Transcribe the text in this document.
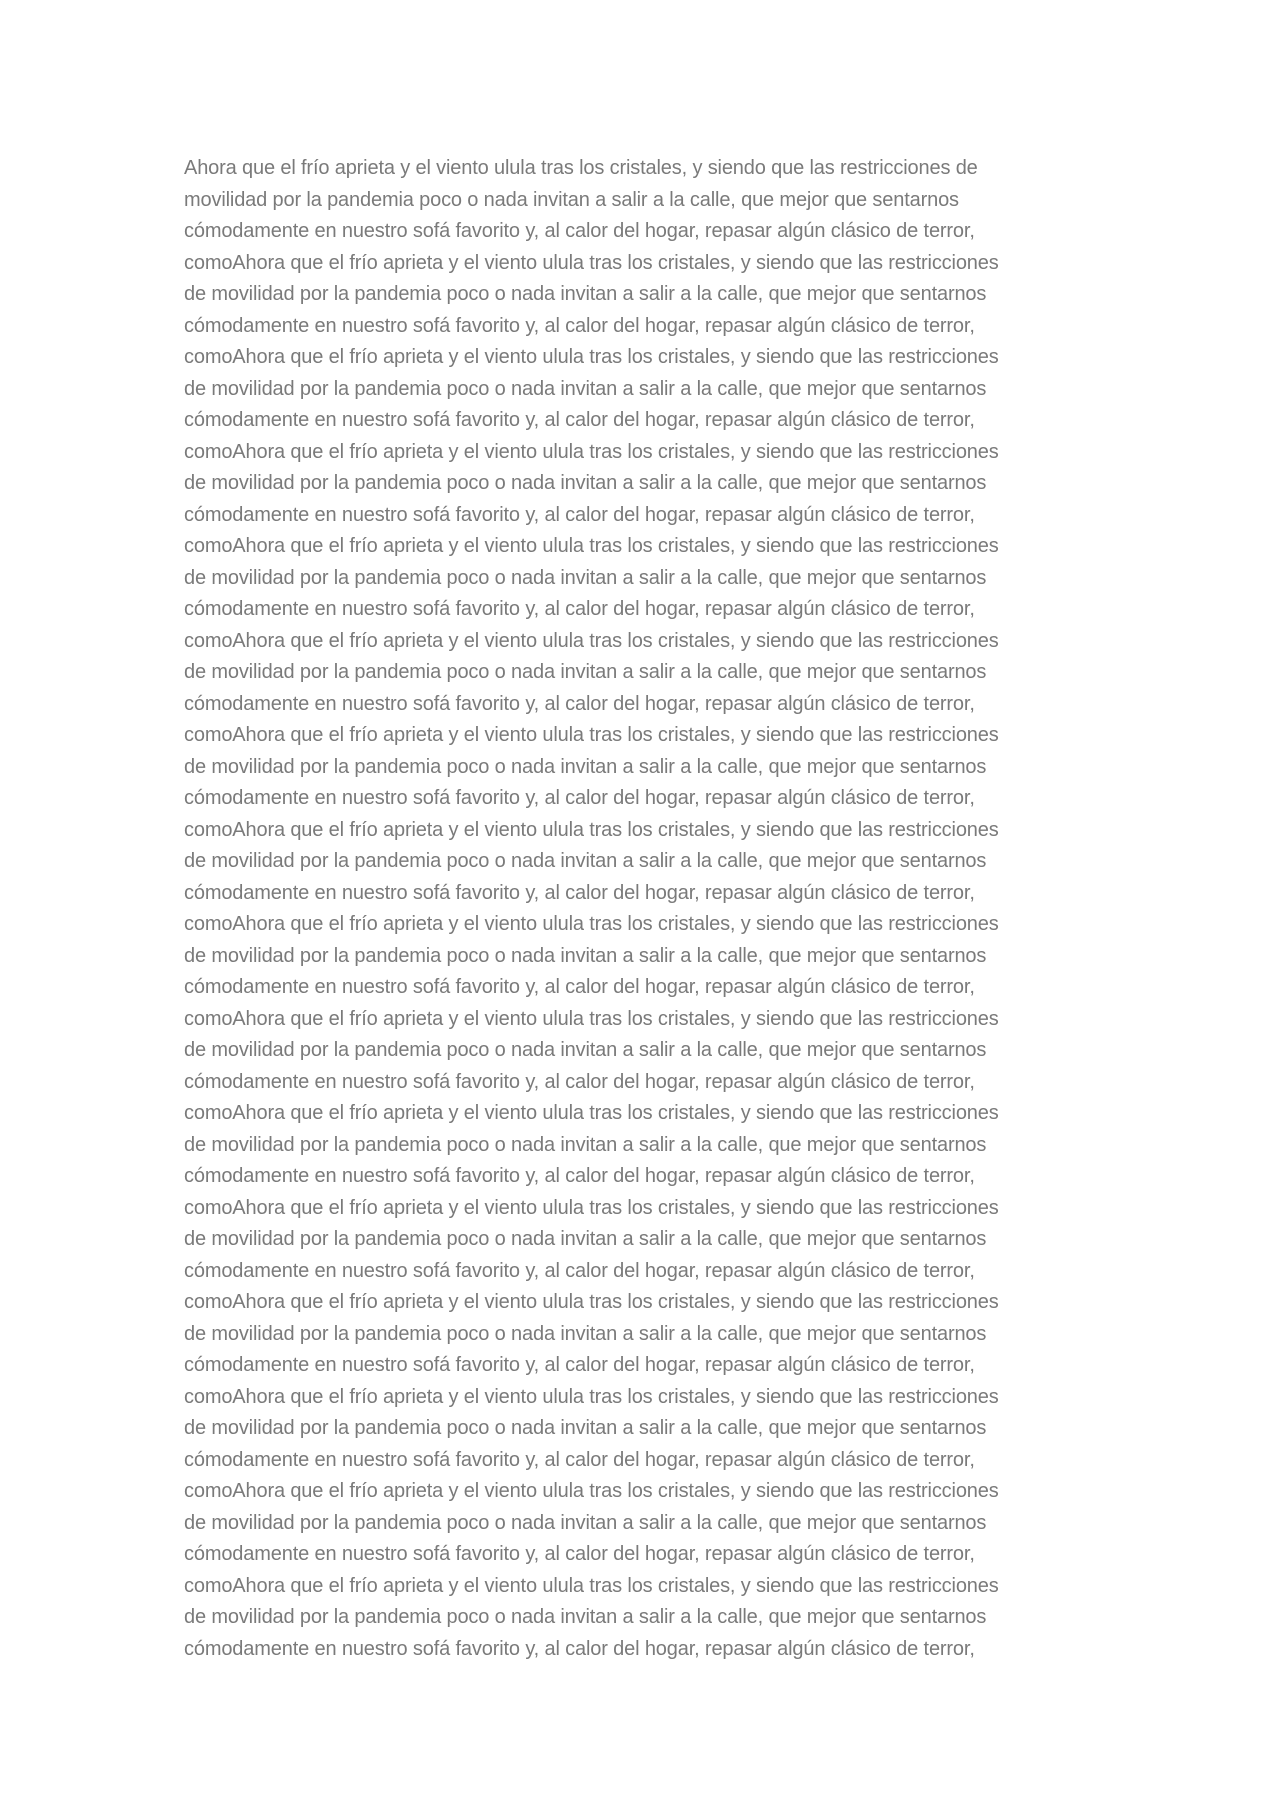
Ahora que el frío aprieta y el viento ulula tras los cristales, y siendo que las restricciones de
movilidad por la pandemia poco o nada invitan a salir a la calle, que mejor que sentarnos
cómodamente en nuestro sofá favorito y, al calor del hogar, repasar algún clásico de terror,
comoAhora que el frío aprieta y el viento ulula tras los cristales, y siendo que las restricciones
de movilidad por la pandemia poco o nada invitan a salir a la calle, que mejor que sentarnos
cómodamente en nuestro sofá favorito y, al calor del hogar, repasar algún clásico de terror,
comoAhora que el frío aprieta y el viento ulula tras los cristales, y siendo que las restricciones
de movilidad por la pandemia poco o nada invitan a salir a la calle, que mejor que sentarnos
cómodamente en nuestro sofá favorito y, al calor del hogar, repasar algún clásico de terror,
comoAhora que el frío aprieta y el viento ulula tras los cristales, y siendo que las restricciones
de movilidad por la pandemia poco o nada invitan a salir a la calle, que mejor que sentarnos
cómodamente en nuestro sofá favorito y, al calor del hogar, repasar algún clásico de terror,
comoAhora que el frío aprieta y el viento ulula tras los cristales, y siendo que las restricciones
de movilidad por la pandemia poco o nada invitan a salir a la calle, que mejor que sentarnos
cómodamente en nuestro sofá favorito y, al calor del hogar, repasar algún clásico de terror,
comoAhora que el frío aprieta y el viento ulula tras los cristales, y siendo que las restricciones
de movilidad por la pandemia poco o nada invitan a salir a la calle, que mejor que sentarnos
cómodamente en nuestro sofá favorito y, al calor del hogar, repasar algún clásico de terror,
comoAhora que el frío aprieta y el viento ulula tras los cristales, y siendo que las restricciones
de movilidad por la pandemia poco o nada invitan a salir a la calle, que mejor que sentarnos
cómodamente en nuestro sofá favorito y, al calor del hogar, repasar algún clásico de terror,
comoAhora que el frío aprieta y el viento ulula tras los cristales, y siendo que las restricciones
de movilidad por la pandemia poco o nada invitan a salir a la calle, que mejor que sentarnos
cómodamente en nuestro sofá favorito y, al calor del hogar, repasar algún clásico de terror,
comoAhora que el frío aprieta y el viento ulula tras los cristales, y siendo que las restricciones
de movilidad por la pandemia poco o nada invitan a salir a la calle, que mejor que sentarnos
cómodamente en nuestro sofá favorito y, al calor del hogar, repasar algún clásico de terror,
comoAhora que el frío aprieta y el viento ulula tras los cristales, y siendo que las restricciones
de movilidad por la pandemia poco o nada invitan a salir a la calle, que mejor que sentarnos
cómodamente en nuestro sofá favorito y, al calor del hogar, repasar algún clásico de terror,
comoAhora que el frío aprieta y el viento ulula tras los cristales, y siendo que las restricciones
de movilidad por la pandemia poco o nada invitan a salir a la calle, que mejor que sentarnos
cómodamente en nuestro sofá favorito y, al calor del hogar, repasar algún clásico de terror,
comoAhora que el frío aprieta y el viento ulula tras los cristales, y siendo que las restricciones
de movilidad por la pandemia poco o nada invitan a salir a la calle, que mejor que sentarnos
cómodamente en nuestro sofá favorito y, al calor del hogar, repasar algún clásico de terror,
comoAhora que el frío aprieta y el viento ulula tras los cristales, y siendo que las restricciones
de movilidad por la pandemia poco o nada invitan a salir a la calle, que mejor que sentarnos
cómodamente en nuestro sofá favorito y, al calor del hogar, repasar algún clásico de terror,
comoAhora que el frío aprieta y el viento ulula tras los cristales, y siendo que las restricciones
de movilidad por la pandemia poco o nada invitan a salir a la calle, que mejor que sentarnos
cómodamente en nuestro sofá favorito y, al calor del hogar, repasar algún clásico de terror,
comoAhora que el frío aprieta y el viento ulula tras los cristales, y siendo que las restricciones
de movilidad por la pandemia poco o nada invitan a salir a la calle, que mejor que sentarnos
cómodamente en nuestro sofá favorito y, al calor del hogar, repasar algún clásico de terror,
comoAhora que el frío aprieta y el viento ulula tras los cristales, y siendo que las restricciones
de movilidad por la pandemia poco o nada invitan a salir a la calle, que mejor que sentarnos
cómodamente en nuestro sofá favorito y, al calor del hogar, repasar algún clásico de terror,
